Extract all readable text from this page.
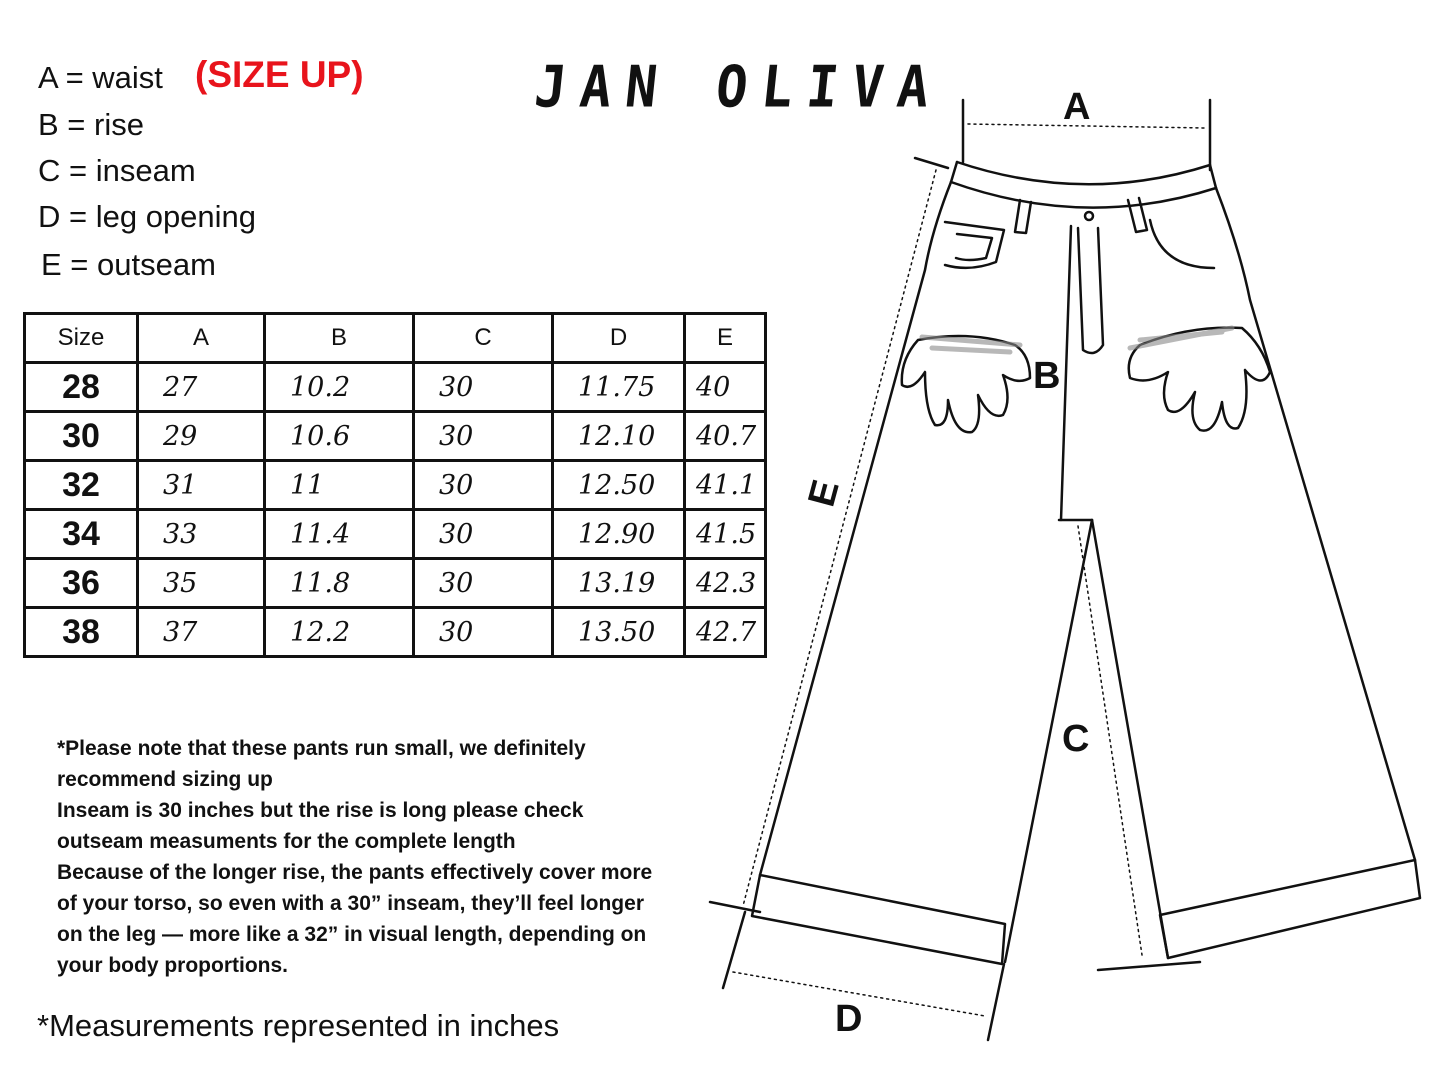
A = waist
B = rise
C = inseam
D = leg opening
E = outseam
(SIZE UP)	JAN OLIVA
Size	A	B	C	D	E
28	27	10.2	30	11.75	40
30	29	10.6	30	12.10	40.7
32	31	11	30	12.50	41.1
34	33	11.4	30	12.90	41.5
36	35	11.8	30	13.19	42.3
38	37	12.2	30	13.50	42.7

*Please note that these pants run small, we definitely recommend sizing up

Inseam is 30 inches but the rise is long please check outseam measuments for the complete length

Because of the longer rise, the pants effectively cover more of your torso, so even with a 30” inseam, they’ll feel longer on the leg — more like a 32” in visual length, depending on your body proportions.

*Measurements represented in inches
A
B
C
D
E
